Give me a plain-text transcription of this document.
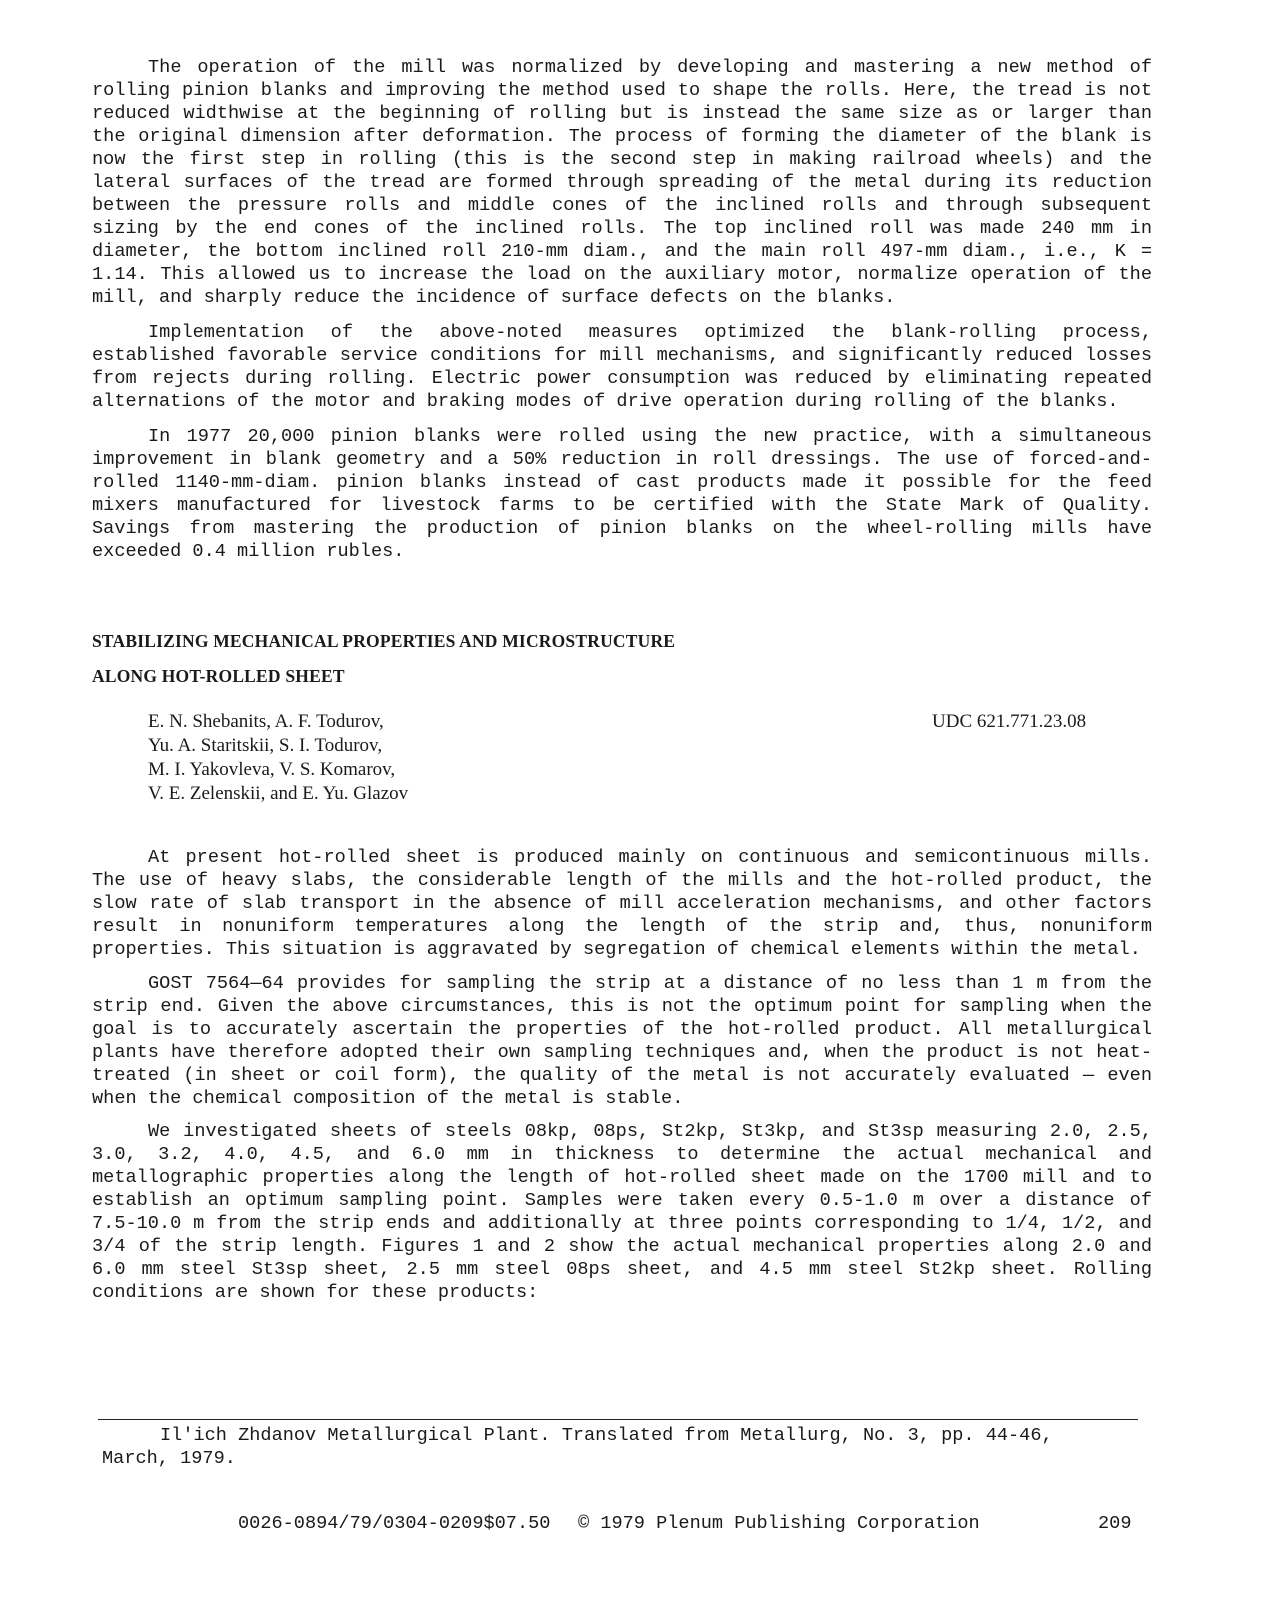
The operation of the mill was normalized by developing and mastering a new method of rolling pinion blanks and improving the method used to shape the rolls. Here, the tread is not reduced widthwise at the beginning of rolling but is instead the same size as or larger than the original dimension after deformation. The process of forming the diameter of the blank is now the first step in rolling (this is the second step in making railroad wheels) and the lateral surfaces of the tread are formed through spreading of the metal during its reduction between the pressure rolls and middle cones of the inclined rolls and through subsequent sizing by the end cones of the inclined rolls. The top inclined roll was made 240 mm in diameter, the bottom inclined roll 210-mm diam., and the main roll 497-mm diam., i.e., K = 1.14. This allowed us to increase the load on the auxiliary motor, normalize operation of the mill, and sharply reduce the incidence of surface defects on the blanks.

Implementation of the above-noted measures optimized the blank-rolling process, established favorable service conditions for mill mechanisms, and significantly reduced losses from rejects during rolling. Electric power consumption was reduced by eliminating repeated alternations of the motor and braking modes of drive operation during rolling of the blanks.

In 1977 20,000 pinion blanks were rolled using the new practice, with a simultaneous improvement in blank geometry and a 50% reduction in roll dressings. The use of forced-and-rolled 1140-mm-diam. pinion blanks instead of cast products made it possible for the feed mixers manufactured for livestock farms to be certified with the State Mark of Quality. Savings from mastering the production of pinion blanks on the wheel-rolling mills have exceeded 0.4 million rubles.

STABILIZING MECHANICAL PROPERTIES AND MICROSTRUCTURE
ALONG HOT-ROLLED SHEET
E. N. Shebanits, A. F. Todurov,
Yu. A. Staritskii, S. I. Todurov,
M. I. Yakovleva, V. S. Komarov,
V. E. Zelenskii, and E. Yu. Glazov
UDC 621.771.23.08

At present hot-rolled sheet is produced mainly on continuous and semicontinuous mills. The use of heavy slabs, the considerable length of the mills and the hot-rolled product, the slow rate of slab transport in the absence of mill acceleration mechanisms, and other factors result in nonuniform temperatures along the length of the strip and, thus, nonuniform properties. This situation is aggravated by segregation of chemical elements within the metal.

GOST 7564—64 provides for sampling the strip at a distance of no less than 1 m from the strip end. Given the above circumstances, this is not the optimum point for sampling when the goal is to accurately ascertain the properties of the hot-rolled product. All metallurgical plants have therefore adopted their own sampling techniques and, when the product is not heat-treated (in sheet or coil form), the quality of the metal is not accurately evaluated — even when the chemical composition of the metal is stable.

We investigated sheets of steels 08kp, 08ps, St2kp, St3kp, and St3sp measuring 2.0, 2.5, 3.0, 3.2, 4.0, 4.5, and 6.0 mm in thickness to determine the actual mechanical and metallographic properties along the length of hot-rolled sheet made on the 1700 mill and to establish an optimum sampling point. Samples were taken every 0.5-1.0 m over a distance of 7.5-10.0 m from the strip ends and additionally at three points corresponding to 1/4, 1/2, and 3/4 of the strip length. Figures 1 and 2 show the actual mechanical properties along 2.0 and 6.0 mm steel St3sp sheet, 2.5 mm steel 08ps sheet, and 4.5 mm steel St2kp sheet. Rolling conditions are shown for these products:

Il'ich Zhdanov Metallurgical Plant. Translated from Metallurg, No. 3, pp. 44-46, March, 1979.

0026-0894/79/0304-0209$07.50 © 1979 Plenum Publishing Corporation	209
